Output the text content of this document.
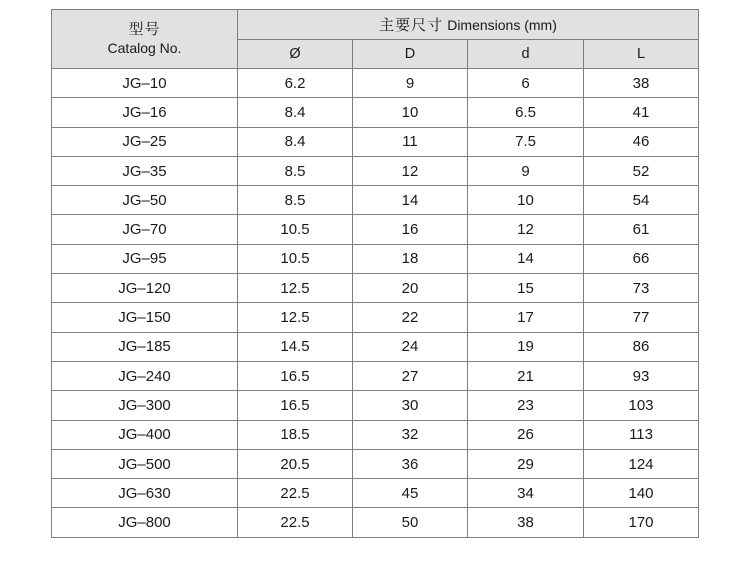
型号
Catalog No.	主要尺寸 Dimensions (mm)			
	Ø	D	d	L
JG–10	6.2	9	6	38
JG–16	8.4	10	6.5	41
JG–25	8.4	11	7.5	46
JG–35	8.5	12	9	52
JG–50	8.5	14	10	54
JG–70	10.5	16	12	61
JG–95	10.5	18	14	66
JG–120	12.5	20	15	73
JG–150	12.5	22	17	77
JG–185	14.5	24	19	86
JG–240	16.5	27	21	93
JG–300	16.5	30	23	103
JG–400	18.5	32	26	113
JG–500	20.5	36	29	124
JG–630	22.5	45	34	140
JG–800	22.5	50	38	170
